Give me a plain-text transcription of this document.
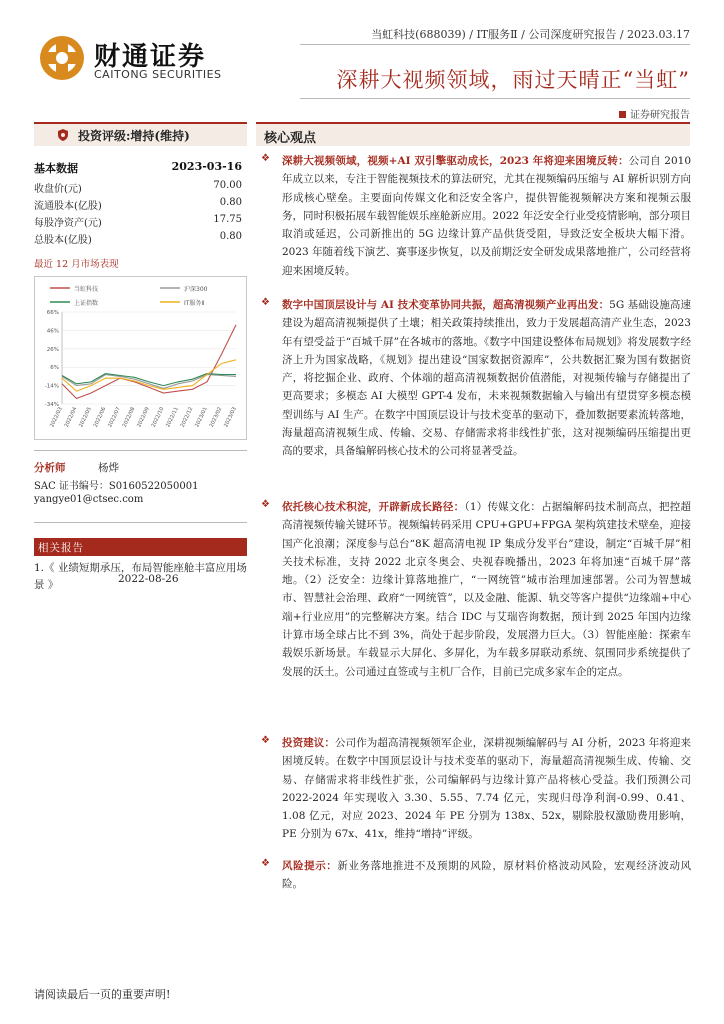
财通证券
CAITONG SECURITIES
当虹科技(688039) / IT服务Ⅱ / 公司深度研究报告 / 2023.03.17
深耕大视频领域，雨过天晴正“当虹”
证券研究报告
投资评级:增持(维持)
基本数据	2023-03-16
收盘价(元)	70.00
流通股本(亿股)	0.80
每股净资产(元)	17.75
总股本(亿股)	0.80
最近 12 月市场表现
当虹科技	沪深300
上证指数	IT服务Ⅱ
66%
46%
26%
6%
-14%
-34%
2022/03 2022/04 2022/05 2022/06 2022/07 2022/08 2022/09 2022/10 2022/11 2022/12 2023/01 2023/02 2023/03
分析师	杨烨
SAC 证书编号：S0160522050001
yangye01@ctsec.com
相关报告
1.《 业绩短期承压，布局智能座舱丰富应用场景 》	2022-08-26
核心观点
❖ 深耕大视频领域，视频+AI 双引擎驱动成长，2023 年将迎来困境反转：公司自 2010 年成立以来，专注于智能视频技术的算法研究，尤其在视频编码压缩与 AI 解析识别方向形成核心壁垒。主要面向传媒文化和泛安全客户，提供智能视频解决方案和视频云服务，同时积极拓展车载智能娱乐座舱新应用。2022 年泛安全行业受疫情影响，部分项目取消或延迟，公司新推出的 5G 边缘计算产品供货受阻，导致泛安全板块大幅下滑。2023 年随着线下演艺、赛事逐步恢复，以及前期泛安全研发成果落地推广，公司经营将迎来困境反转。
❖ 数字中国顶层设计与 AI 技术变革协同共振，超高清视频产业再出发：5G 基础设施高速建设为超高清视频提供了土壤；相关政策持续推出，致力于发展超高清产业生态，2023 年有望受益于“百城千屏”在各城市的落地。《数字中国建设整体布局规划》将发展数字经济上升为国家战略，《规划》提出建设“国家数据资源库”，公共数据汇聚为国有数据资产，将挖掘企业、政府、个体端的超高清视频数据价值潜能，对视频传输与存储提出了更高要求；多模态 AI 大模型 GPT-4 发布，未来视频数据输入与输出有望贯穿多模态模型训练与 AI 生产。在数字中国顶层设计与技术变革的驱动下，叠加数据要素流转落地，海量超高清视频生成、传输、交易、存储需求将非线性扩张，这对视频编码压缩提出更高的要求，具备编解码核心技术的公司将显著受益。
❖ 依托核心技术积淀，开辟新成长路径：（1）传媒文化：占据编解码技术制高点，把控超高清视频传输关键环节。视频编转码采用 CPU+GPU+FPGA 架构筑建技术壁垒，迎接国产化浪潮；深度参与总台“8K 超高清电视 IP 集成分发平台”建设，制定“百城千屏”相关技术标准，支持 2022 北京冬奥会、央视春晚播出，2023 年将加速“百城千屏”落地。（2）泛安全：边缘计算落地推广，“一网统管”城市治理加速部署。公司为智慧城市、智慧社会治理、政府“一网统管”，以及金融、能源、轨交等客户提供“边缘端+中心端+行业应用”的完整解决方案。结合 IDC 与艾瑞咨询数据，预计到 2025 年国内边缘计算市场全球占比不到 3%，尚处于起步阶段，发展潜力巨大。（3）智能座舱：探索车载娱乐新场景。车载显示大屏化、多屏化，为车载多屏联动系统、氛围同步系统提供了发展的沃土。公司通过直签或与主机厂合作，目前已完成多家车企的定点。
❖ 投资建议：公司作为超高清视频领军企业，深耕视频编解码与 AI 分析，2023 年将迎来困境反转。在数字中国顶层设计与技术变革的驱动下，海量超高清视频生成、传输、交易、存储需求将非线性扩张，公司编解码与边缘计算产品将核心受益。我们预测公司 2022-2024 年实现收入 3.30、5.55、7.74 亿元，实现归母净利润-0.99、0.41、1.08 亿元，对应 2023、2024 年 PE 分别为 138x、52x，剔除股权激励费用影响，PE 分别为 67x、41x，维持“增持”评级。
❖ 风险提示：新业务落地推进不及预期的风险，原材料价格波动风险，宏观经济波动风险。
请阅读最后一页的重要声明!
